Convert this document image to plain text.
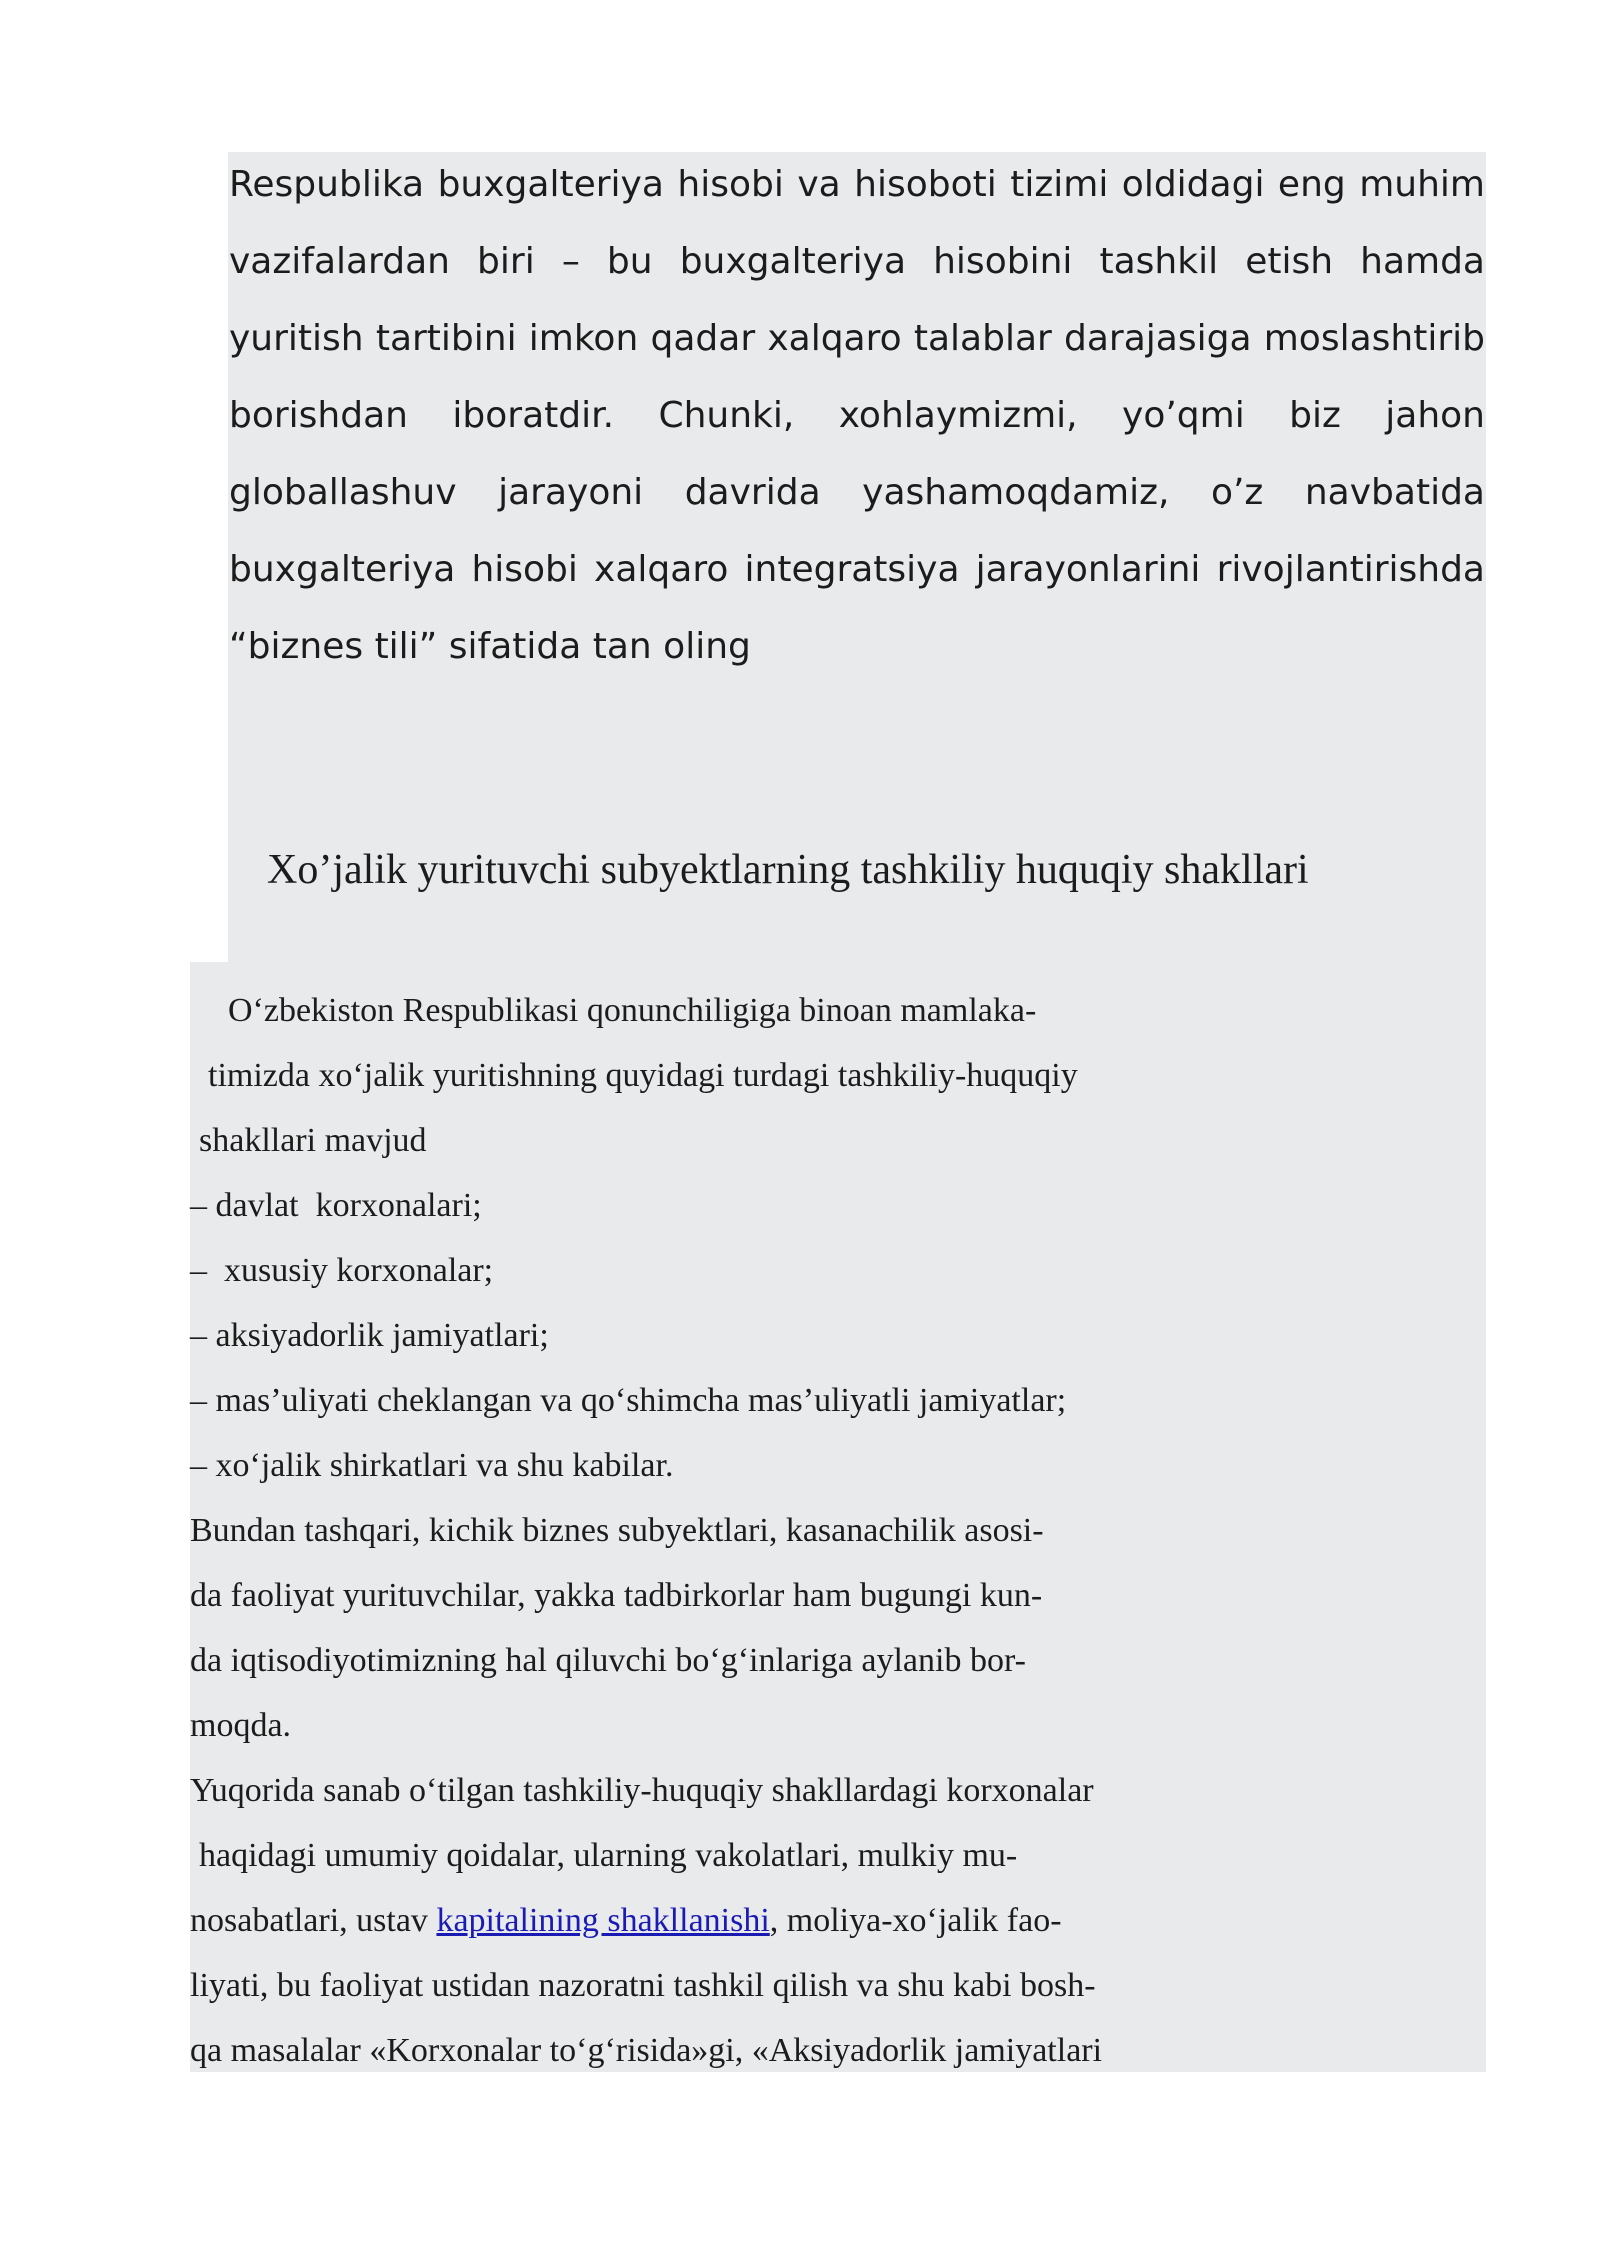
Respublika buxgalteriya hisobi va hisoboti tizimi oldidagi eng muhim vazifalardan biri – bu buxgalteriya hisobini tashkil etish hamda yuritish tartibini imkon qadar xalqaro talablar darajasiga moslashtirib borishdan iboratdir. Chunki, xohlaymizmi, yo’qmi biz jahon globallashuv jarayoni davrida yashamoqdamiz, o’z navbatida buxgalteriya hisobi xalqaro integratsiya jarayonlarini rivojlantirishda “biznes tili” sifatida tan oling

Xo’jalik yurituvchi subyektlarning tashkiliy huquqiy shakllari

O‘zbekiston Respublikasi qonunchiligiga binoan mamlaka-

timizda xo‘jalik yuritishning quyidagi turdagi tashkiliy-huquqiy

shakllari mavjud

– davlat  korxonalari;

–  xususiy korxonalar;

– aksiyadorlik jamiyatlari;

– mas’uliyati cheklangan va qo‘shimcha mas’uliyatli jamiyatlar;

– xo‘jalik shirkatlari va shu kabilar.

Bundan tashqari, kichik biznes subyektlari, kasanachilik asosi-

da faoliyat yurituvchilar, yakka tadbirkorlar ham bugungi kun-

da iqtisodiyotimizning hal qiluvchi bo‘g‘inlariga aylanib bor-

moqda.

Yuqorida sanab o‘tilgan tashkiliy-huquqiy shakllardagi korxonalar

haqidagi umumiy qoidalar, ularning vakolatlari, mulkiy mu-

nosabatlari, ustav kapitalining shakllanishi, moliya-xo‘jalik fao-

liyati, bu faoliyat ustidan nazoratni tashkil qilish va shu kabi bosh-

qa masalalar «Korxonalar to‘g‘risida»gi, «Aksiyadorlik jamiyatlari
